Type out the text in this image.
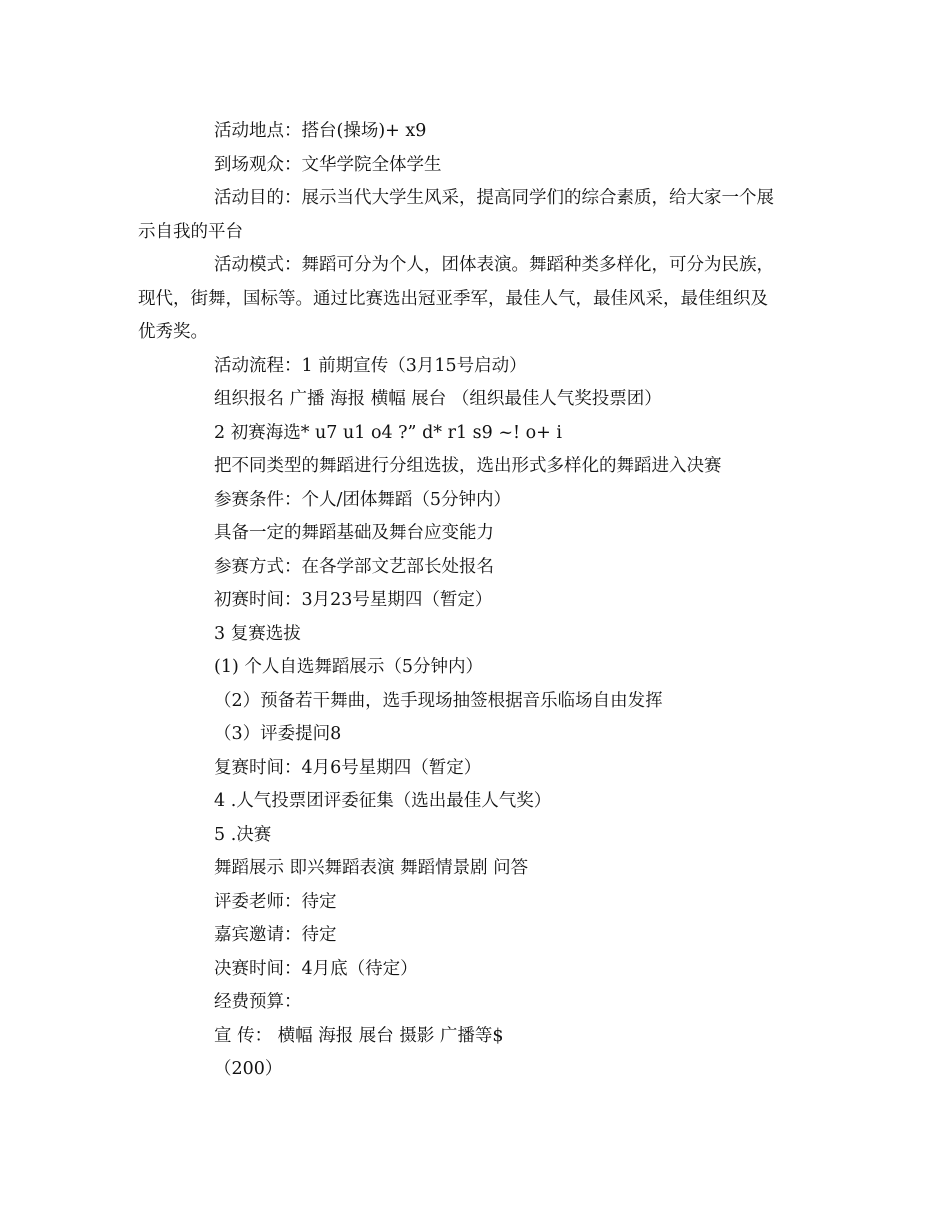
活动地点：搭台(操场)+ x9

到场观众：文华学院全体学生

活动目的：展示当代大学生风采，提高同学们的综合素质，给大家一个展

示自我的平台

活动模式：舞蹈可分为个人，团体表演。舞蹈种类多样化，可分为民族，

现代，街舞，国标等。通过比赛选出冠亚季军，最佳人气，最佳风采，最佳组织及

优秀奖。

活动流程：1 前期宣传（3月15号启动）

组织报名 广播 海报 横幅 展台 （组织最佳人气奖投票团）

2 初赛海选* u7 u1 o4 ?” d* r1 s9 ~! o+ i

把不同类型的舞蹈进行分组选拔，选出形式多样化的舞蹈进入决赛

参赛条件：个人/团体舞蹈（5分钟内）

具备一定的舞蹈基础及舞台应变能力

参赛方式：在各学部文艺部长处报名

初赛时间：3月23号星期四（暂定）

3 复赛选拔

(1) 个人自选舞蹈展示（5分钟内）

（2）预备若干舞曲，选手现场抽签根据音乐临场自由发挥

（3）评委提问8

复赛时间：4月6号星期四（暂定）

4 .人气投票团评委征集（选出最佳人气奖）

5 .决赛

舞蹈展示 即兴舞蹈表演 舞蹈情景剧 问答

评委老师：待定

嘉宾邀请：待定

决赛时间：4月底（待定）

经费预算：

宣 传： 横幅 海报 展台 摄影 广播等$

（200）
